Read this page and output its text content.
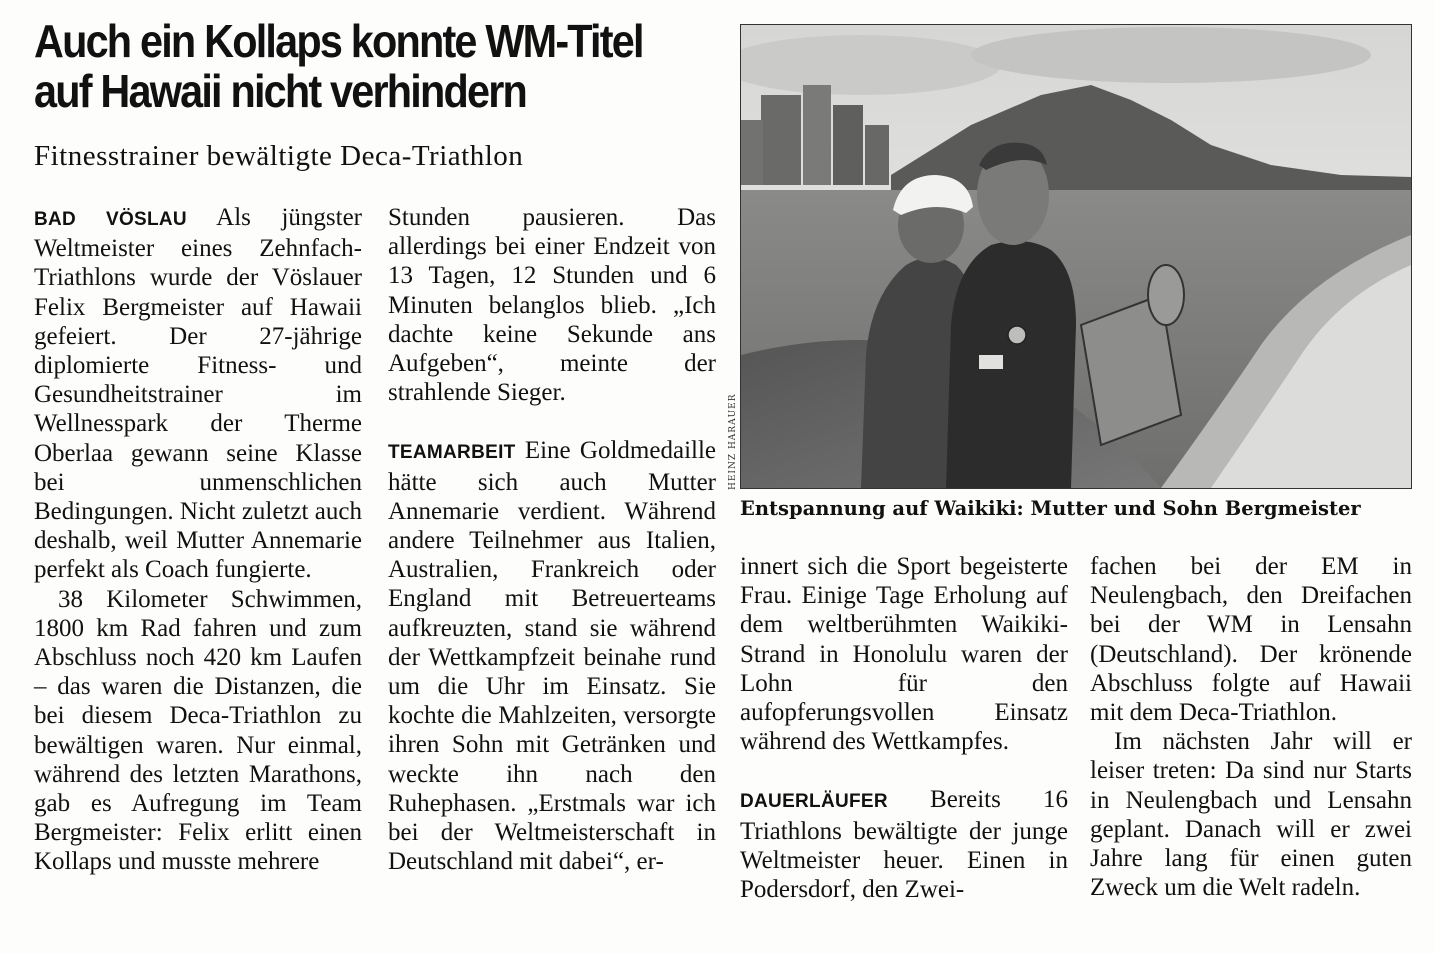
Auch ein Kollaps konnte WM-Titel
auf Hawaii nicht verhindern
Fitnesstrainer bewältigte Deca-Triathlon

BAD VÖSLAU Als jüngster Weltmeister eines Zehnfach-Triathlons wurde der Vöslauer Felix Bergmeister auf Hawaii gefeiert. Der 27-jährige diplomierte Fitness- und Gesundheitstrainer im Wellnesspark der Therme Oberlaa gewann seine Klasse bei unmenschlichen Bedingungen. Nicht zuletzt auch deshalb, weil Mutter Annemarie perfekt als Coach fungierte.

38 Kilometer Schwimmen, 1800 km Rad fahren und zum Abschluss noch 420 km Laufen – das waren die Distanzen, die bei diesem Deca-Triathlon zu bewältigen waren. Nur einmal, während des letzten Marathons, gab es Aufregung im Team Bergmeister: Felix erlitt einen Kollaps und musste mehrere

Stunden pausieren. Das allerdings bei einer Endzeit von 13 Tagen, 12 Stunden und 6 Minuten belanglos blieb. „Ich dachte keine Sekunde ans Aufgeben“, meinte der strahlende Sieger.

TEAMARBEIT Eine Goldmedaille hätte sich auch Mutter Annemarie verdient. Während andere Teilnehmer aus Italien, Australien, Frankreich oder England mit Betreuerteams aufkreuzten, stand sie während der Wettkampfzeit beinahe rund um die Uhr im Einsatz. Sie kochte die Mahlzeiten, versorgte ihren Sohn mit Getränken und weckte ihn nach den Ruhephasen. „Erstmals war ich bei der Weltmeisterschaft in Deutschland mit dabei“, er-

innert sich die Sport begeisterte Frau. Einige Tage Erholung auf dem weltberühmten Waikiki-Strand in Honolulu waren der Lohn für den aufopferungsvollen Einsatz während des Wettkampfes.

DAUERLÄUFER Bereits 16 Triathlons bewältigte der junge Weltmeister heuer. Einen in Podersdorf, den Zwei-

fachen bei der EM in Neulengbach, den Dreifachen bei der WM in Lensahn (Deutschland). Der krönende Abschluss folgte auf Hawaii mit dem Deca-Triathlon.

Im nächsten Jahr will er leiser treten: Da sind nur Starts in Neulengbach und Lensahn geplant. Danach will er zwei Jahre lang für einen guten Zweck um die Welt radeln.

HEINZ HARAUER

Entspannung auf Waikiki: Mutter und Sohn Bergmeister
